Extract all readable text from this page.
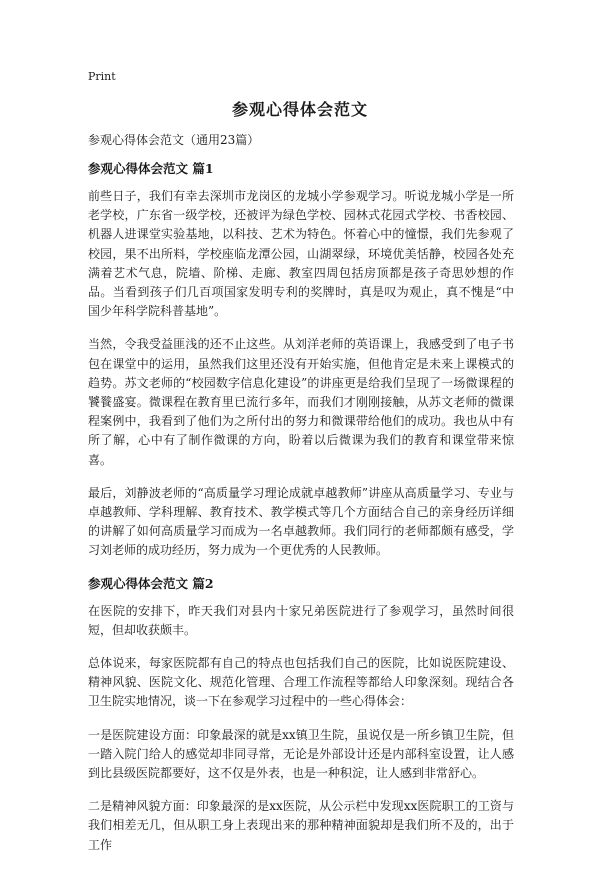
Print
参观心得体会范文
参观心得体会范文（通用23篇）
参观心得体会范文 篇1

前些日子，我们有幸去深圳市龙岗区的龙城小学参观学习。听说龙城小学是一所老学校，广东省一级学校，还被评为绿色学校、园林式花园式学校、书香校园、机器人进课堂实验基地，以科技、艺术为特色。怀着心中的憧憬，我们先参观了校园，果不出所料，学校座临龙潭公园，山湖翠绿，环境优美恬静，校园各处充满着艺术气息，院墙、阶梯、走廊、教室四周包括房顶都是孩子奇思妙想的作品。当看到孩子们几百项国家发明专利的奖牌时，真是叹为观止，真不愧是“中国少年科学院科普基地”。

当然，令我受益匪浅的还不止这些。从刘洋老师的英语课上，我感受到了电子书包在课堂中的运用，虽然我们这里还没有开始实施，但他肯定是未来上课模式的趋势。苏文老师的“校园数字信息化建设”的讲座更是给我们呈现了一场微课程的饕餮盛宴。微课程在教育里已流行多年，而我们才刚刚接触，从苏文老师的微课程案例中，我看到了他们为之所付出的努力和微课带给他们的成功。我也从中有所了解，心中有了制作微课的方向，盼着以后微课为我们的教育和课堂带来惊喜。

最后，刘静波老师的“高质量学习理论成就卓越教师”讲座从高质量学习、专业与卓越教师、学科理解、教育技术、教学模式等几个方面结合自己的亲身经历详细的讲解了如何高质量学习而成为一名卓越教师。我们同行的老师都颇有感受，学习刘老师的成功经历，努力成为一个更优秀的人民教师。

参观心得体会范文 篇2

在医院的安排下，昨天我们对县内十家兄弟医院进行了参观学习，虽然时间很短，但却收获颇丰。

总体说来，每家医院都有自己的特点也包括我们自己的医院，比如说医院建设、精神风貌、医院文化、规范化管理、合理工作流程等都给人印象深刻。现结合各卫生院实地情况，谈一下在参观学习过程中的一些心得体会：

一是医院建设方面：印象最深的就是xx镇卫生院，虽说仅是一所乡镇卫生院，但一踏入院门给人的感觉却非同寻常，无论是外部设计还是内部科室设置，让人感到比县级医院都要好，这不仅是外表，也是一种积淀，让人感到非常舒心。

二是精神风貌方面：印象最深的是xx医院，从公示栏中发现xx医院职工的工资与我们相差无几，但从职工身上表现出来的那种精神面貌却是我们所不及的，出于工作
